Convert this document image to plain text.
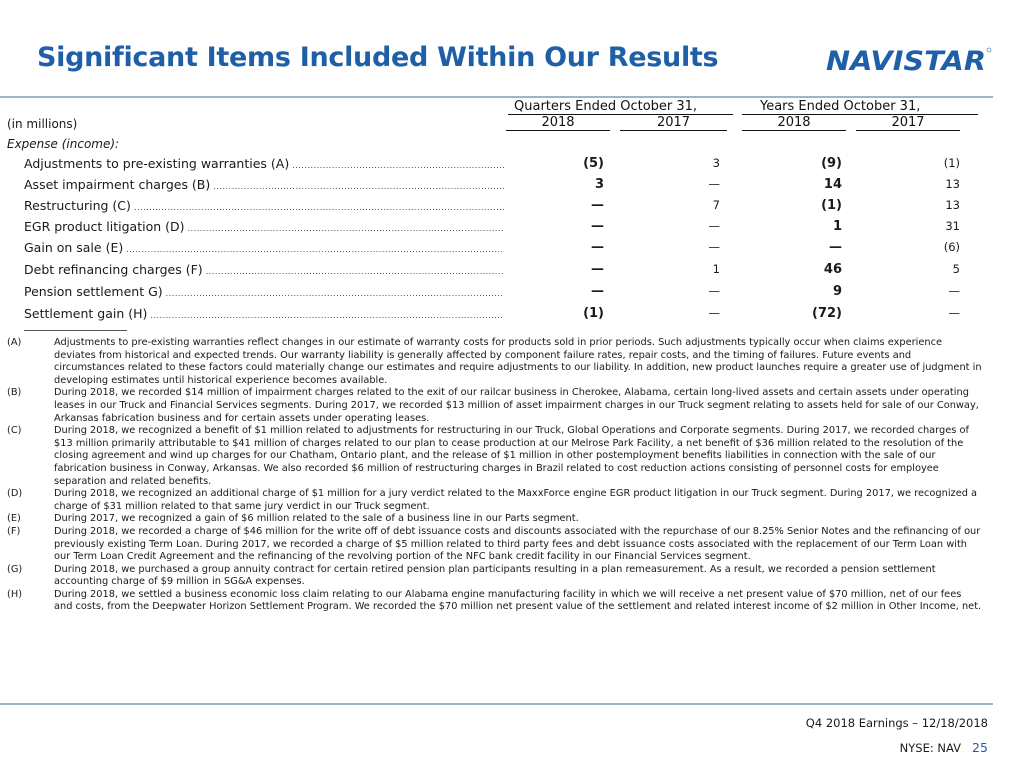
Significant Items Included Within Our Results	NAVISTAR
(in millions)
Quarters Ended October 31,	Years Ended October 31,
2018	2017	2018	2017
Expense (income):
Adjustments to pre-existing warranties (A) .....	(5)	3	(9)	(1)
Asset impairment charges (B) .....	3	—	14	13
Restructuring (C) .....	—	7	(1)	13
EGR product litigation (D) .....	—	—	1	31
Gain on sale (E) .....	—	—	—	(6)
Debt refinancing charges (F) .....	—	1	46	5
Pension settlement G) .....	—	—	9	—
Settlement gain (H) .....	(1)	—	(72)	—
(A)	Adjustments to pre-existing warranties reflect changes in our estimate of warranty costs for products sold in prior periods. Such adjustments typically occur when claims experience deviates from historical and expected trends. Our warranty liability is generally affected by component failure rates, repair costs, and the timing of failures. Future events and circumstances related to these factors could materially change our estimates and require adjustments to our liability. In addition, new product launches require a greater use of judgment in developing estimates until historical experience becomes available.
(B)	During 2018, we recorded $14 million of impairment charges related to the exit of our railcar business in Cherokee, Alabama, certain long-lived assets and certain assets under operating leases in our Truck and Financial Services segments. During 2017, we recorded $13 million of asset impairment charges in our Truck segment relating to assets held for sale of our Conway, Arkansas fabrication business and for certain assets under operating leases.
(C)	During 2018, we recognized a benefit of $1 million related to adjustments for restructuring in our Truck, Global Operations and Corporate segments. During 2017, we recorded charges of $13 million primarily attributable to $41 million of charges related to our plan to cease production at our Melrose Park Facility, a net benefit of $36 million related to the resolution of the closing agreement and wind up charges for our Chatham, Ontario plant, and the release of $1 million in other postemployment benefits liabilities in connection with the sale of our fabrication business in Conway, Arkansas. We also recorded $6 million of restructuring charges in Brazil related to cost reduction actions consisting of personnel costs for employee separation and related benefits.
(D)	During 2018, we recognized an additional charge of $1 million for a jury verdict related to the MaxxForce engine EGR product litigation in our Truck segment. During 2017, we recognized a charge of $31 million related to that same jury verdict in our Truck segment.
(E)	During 2017, we recognized a gain of $6 million related to the sale of a business line in our Parts segment.
(F)	During 2018, we recorded a charge of $46 million for the write off of debt issuance costs and discounts associated with the repurchase of our 8.25% Senior Notes and the refinancing of our previously existing Term Loan. During 2017, we recorded a charge of $5 million related to third party fees and debt issuance costs associated with the replacement of our Term Loan with our Term Loan Credit Agreement and the refinancing of the revolving portion of the NFC bank credit facility in our Financial Services segment.
(G)	During 2018, we purchased a group annuity contract for certain retired pension plan participants resulting in a plan remeasurement. As a result, we recorded a pension settlement accounting charge of $9 million in SG&A expenses.
(H)	During 2018, we settled a business economic loss claim relating to our Alabama engine manufacturing facility in which we will receive a net present value of $70 million, net of our fees and costs, from the Deepwater Horizon Settlement Program. We recorded the $70 million net present value of the settlement and related interest income of $2 million in Other Income, net.
Q4 2018 Earnings – 12/18/2018
NYSE: NAV 25
